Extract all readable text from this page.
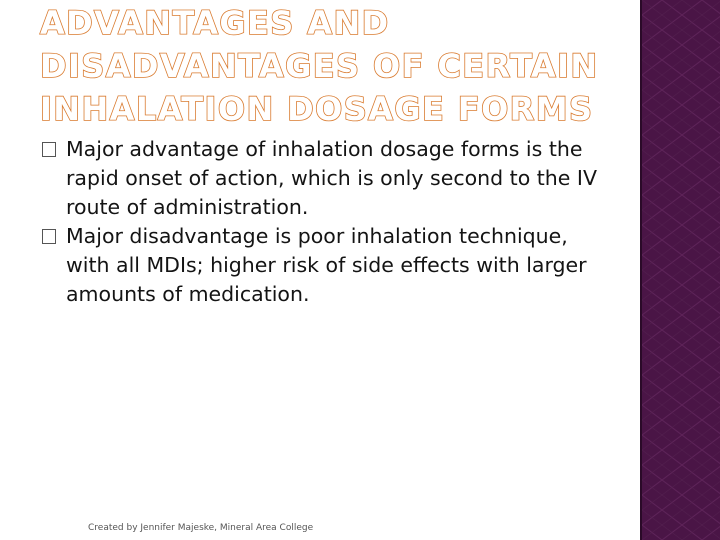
ADVANTAGES AND DISADVANTAGES OF CERTAIN INHALATION DOSAGE FORMS
Major advantage of inhalation dosage forms is the rapid onset of action, which is only second to the IV route of administration.
Major disadvantage is poor inhalation technique, with all MDIs; higher risk of side effects with larger amounts of medication.
Created by Jennifer Majeske, Mineral Area College
